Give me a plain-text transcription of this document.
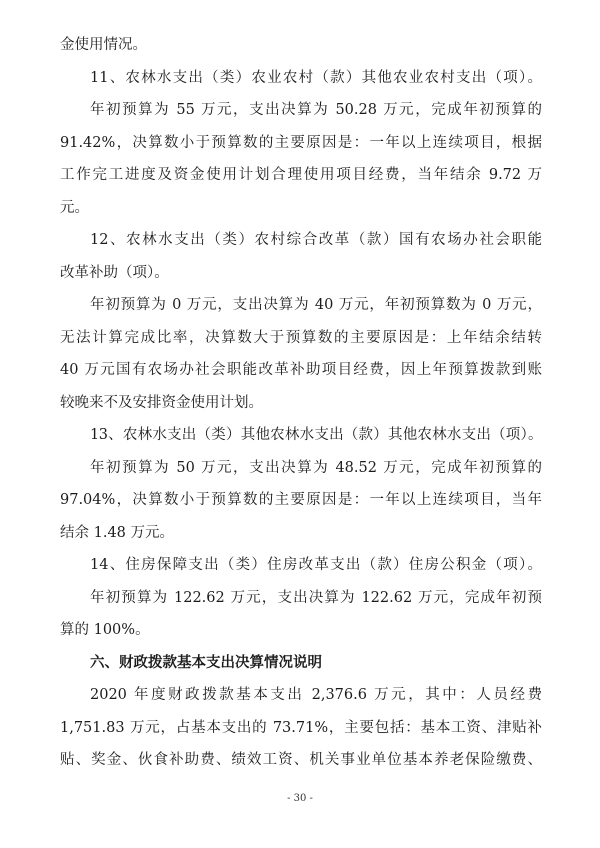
金使用情况。
11、农林水支出（类）农业农村（款）其他农业农村支出（项）。
年初预算为 55 万元，支出决算为 50.28 万元，完成年初预算的
91.42%，决算数小于预算数的主要原因是：一年以上连续项目，根据
工作完工进度及资金使用计划合理使用项目经费，当年结余 9.72 万
元。
12、农林水支出（类）农村综合改革（款）国有农场办社会职能
改革补助（项）。
年初预算为 0 万元，支出决算为 40 万元，年初预算数为 0 万元，
无法计算完成比率，决算数大于预算数的主要原因是：上年结余结转
40 万元国有农场办社会职能改革补助项目经费，因上年预算拨款到账
较晚来不及安排资金使用计划。
13、农林水支出（类）其他农林水支出（款）其他农林水支出（项）。
年初预算为 50 万元，支出决算为 48.52 万元，完成年初预算的
97.04%，决算数小于预算数的主要原因是：一年以上连续项目，当年
结余 1.48 万元。
14、住房保障支出（类）住房改革支出（款）住房公积金（项）。
年初预算为 122.62 万元，支出决算为 122.62 万元，完成年初预
算的 100%。
六、财政拨款基本支出决算情况说明
2020 年度财政拨款基本支出 2,376.6 万元，其中：人员经费
1,751.83 万元，占基本支出的 73.71%，主要包括：基本工资、津贴补
贴、奖金、伙食补助费、绩效工资、机关事业单位基本养老保险缴费、
- 30 -
